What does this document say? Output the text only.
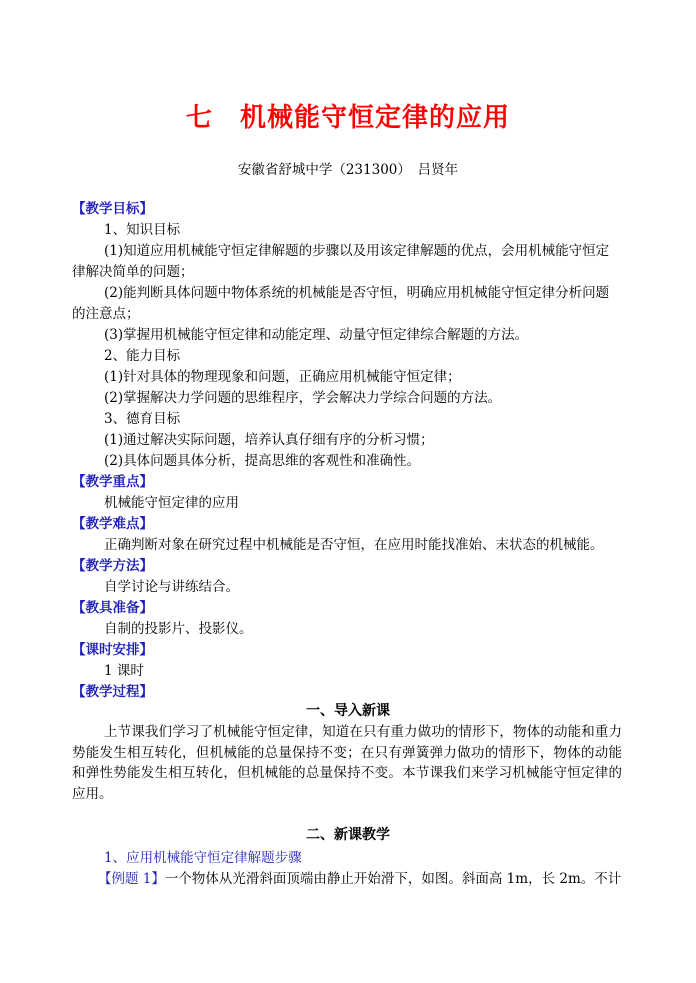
七　机械能守恒定律的应用
安徽省舒城中学（231300）　吕贤年
【教学目标】
1、知识目标
(1)知道应用机械能守恒定律解题的步骤以及用该定律解题的优点，会用机械能守恒定
律解决简单的问题；
(2)能判断具体问题中物体系统的机械能是否守恒，明确应用机械能守恒定律分析问题
的注意点；
(3)掌握用机械能守恒定律和动能定理、动量守恒定律综合解题的方法。
2、能力目标
(1)针对具体的物理现象和问题，正确应用机械能守恒定律；
(2)掌握解决力学问题的思维程序，学会解决力学综合问题的方法。
3、德育目标
(1)通过解决实际问题，培养认真仔细有序的分析习惯；
(2)具体问题具体分析，提高思维的客观性和准确性。
【教学重点】
机械能守恒定律的应用
【教学难点】
正确判断对象在研究过程中机械能是否守恒，在应用时能找准始、末状态的机械能。
【教学方法】
自学讨论与讲练结合。
【教具准备】
自制的投影片、投影仪。
【课时安排】
1 课时
【教学过程】
一、导入新课
上节课我们学习了机械能守恒定律，知道在只有重力做功的情形下，物体的动能和重力势能发生相互转化，但机械能的总量保持不变；在只有弹簧弹力做功的情形下，物体的动能和弹性势能发生相互转化，但机械能的总量保持不变。本节课我们来学习机械能守恒定律的应用。
二、新课教学
1、应用机械能守恒定律解题步骤
【例题 1】一个物体从光滑斜面顶端由静止开始滑下，如图。斜面高 1m，长 2m。不计
